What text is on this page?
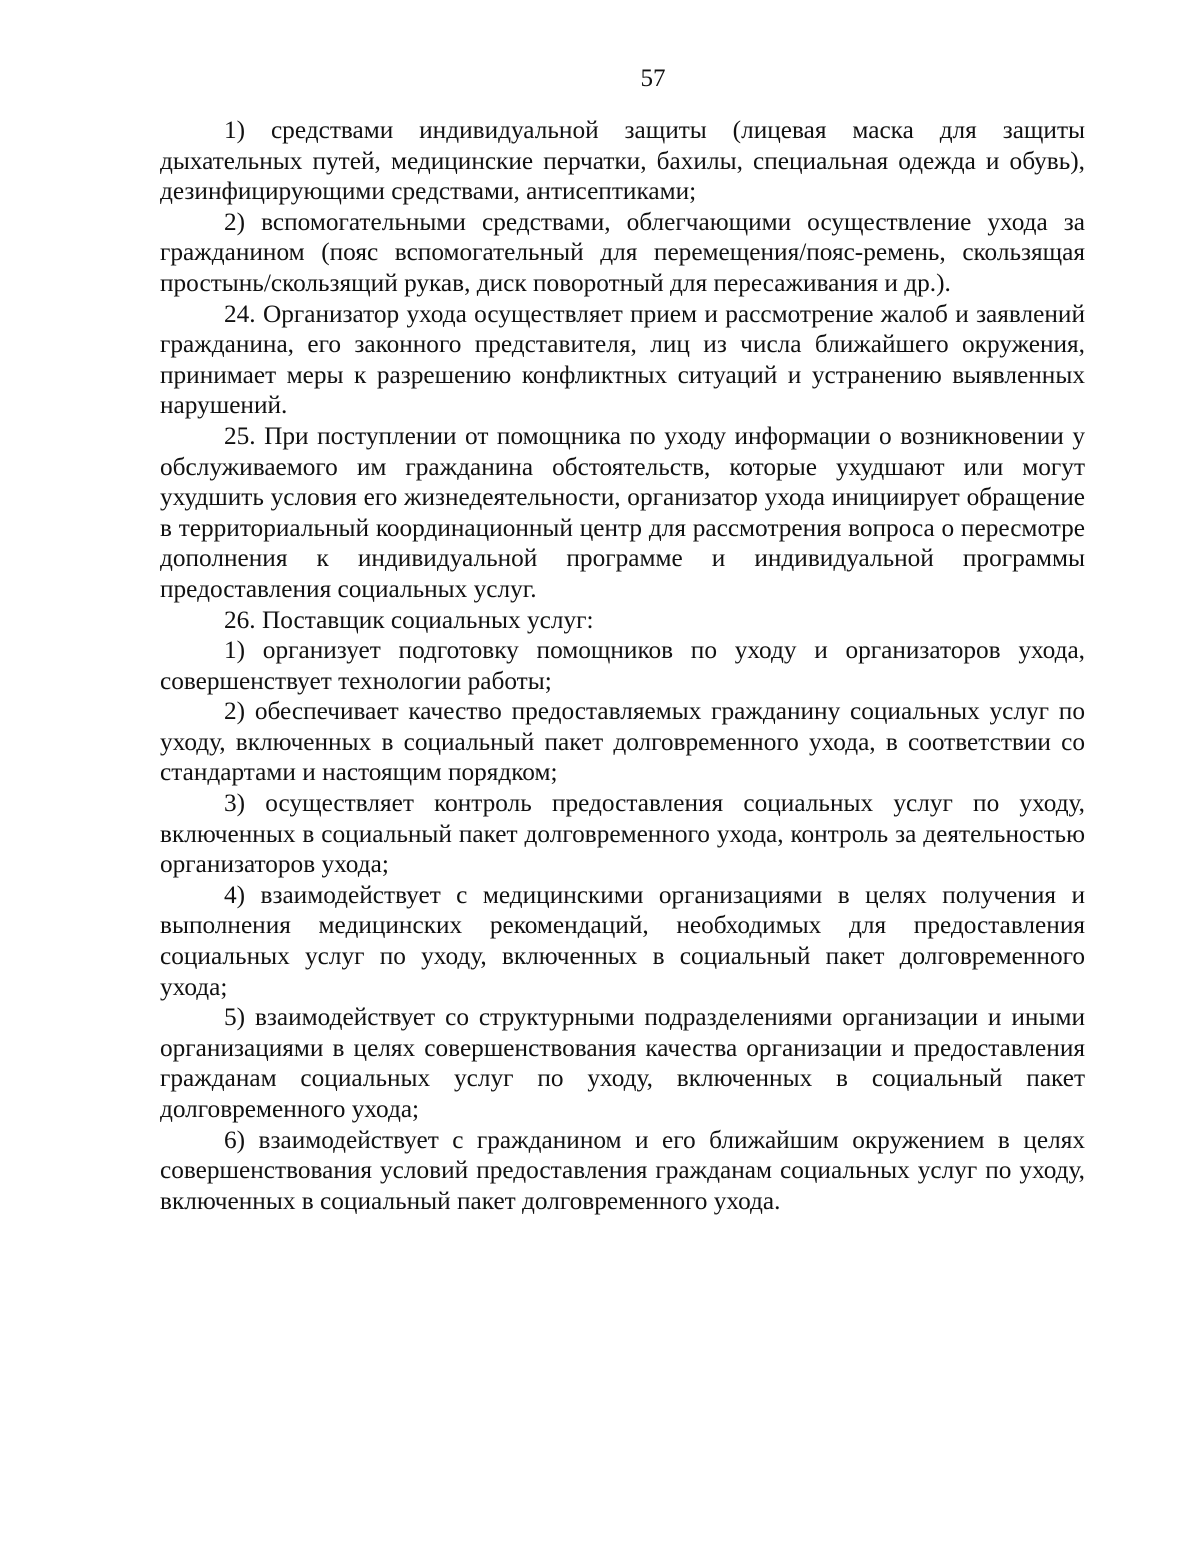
57

1) средствами индивидуальной защиты (лицевая маска для защиты дыхательных путей, медицинские перчатки, бахилы, специальная одежда и обувь), дезинфицирующими средствами, антисептиками;

2) вспомогательными средствами, облегчающими осуществление ухода за гражданином (пояс вспомогательный для перемещения/пояс-ремень, скользящая простынь/скользящий рукав, диск поворотный для пересаживания и др.).

24. Организатор ухода осуществляет прием и рассмотрение жалоб и заявлений гражданина, его законного представителя, лиц из числа ближайшего окружения, принимает меры к разрешению конфликтных ситуаций и устранению выявленных нарушений.

25. При поступлении от помощника по уходу информации о возникновении у обслуживаемого им гражданина обстоятельств, которые ухудшают или могут ухудшить условия его жизнедеятельности, организатор ухода инициирует обращение в территориальный координационный центр для рассмотрения вопроса о пересмотре дополнения к индивидуальной программе и индивидуальной программы предоставления социальных услуг.

26. Поставщик социальных услуг:

1) организует подготовку помощников по уходу и организаторов ухода, совершенствует технологии работы;

2) обеспечивает качество предоставляемых гражданину социальных услуг по уходу, включенных в социальный пакет долговременного ухода, в соответствии со стандартами и настоящим порядком;

3) осуществляет контроль предоставления социальных услуг по уходу, включенных в социальный пакет долговременного ухода, контроль за деятельностью организаторов ухода;

4) взаимодействует с медицинскими организациями в целях получения и выполнения медицинских рекомендаций, необходимых для предоставления социальных услуг по уходу, включенных в социальный пакет долговременного ухода;

5) взаимодействует со структурными подразделениями организации и иными организациями в целях совершенствования качества организации и предоставления гражданам социальных услуг по уходу, включенных в социальный пакет долговременного ухода;

6) взаимодействует с гражданином и его ближайшим окружением в целях совершенствования условий предоставления гражданам социальных услуг по уходу, включенных в социальный пакет долговременного ухода.
